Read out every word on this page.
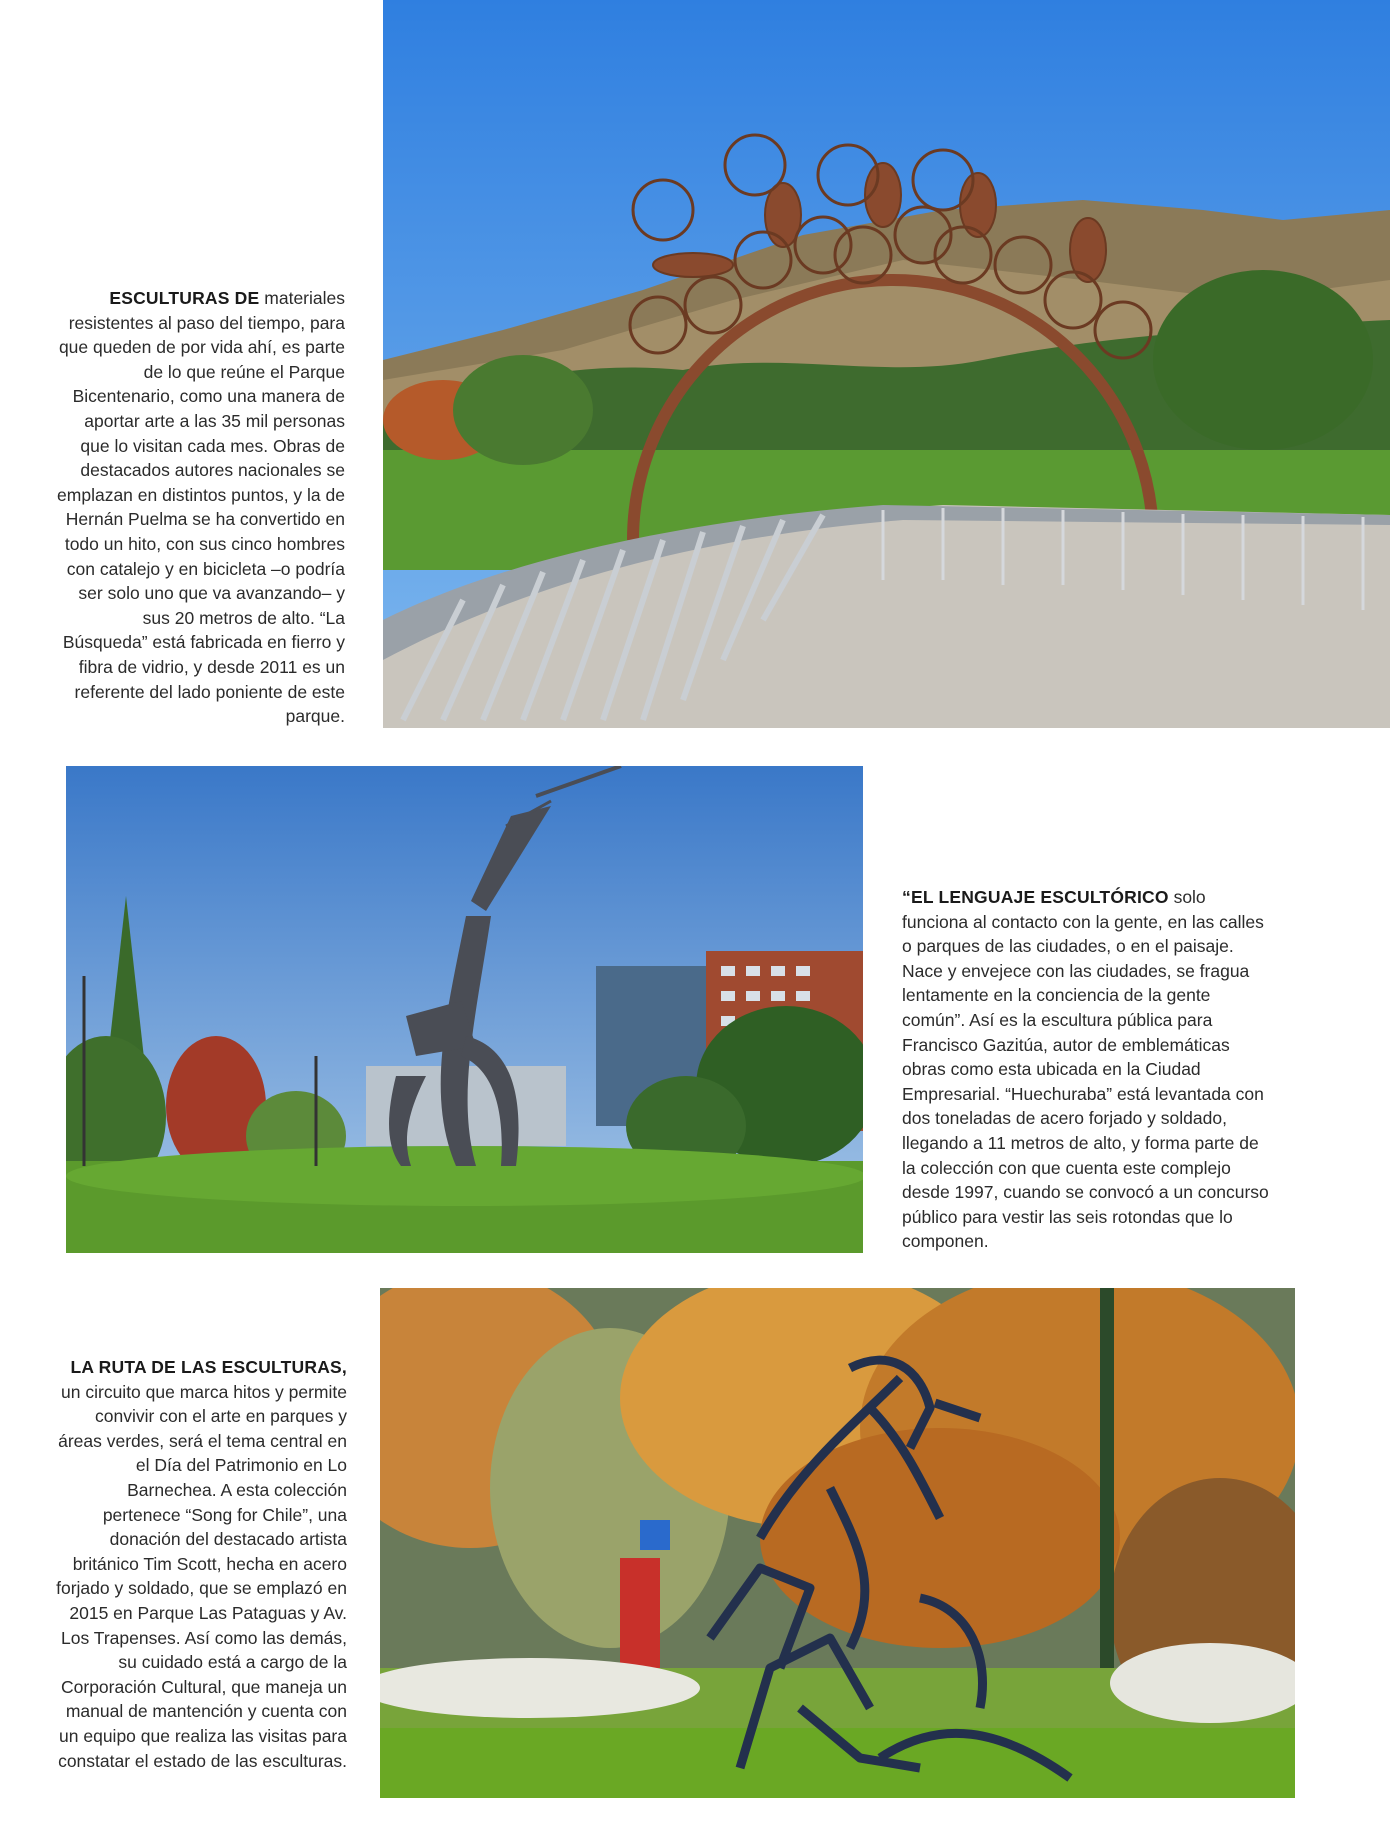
ESCULTURAS DE materiales resistentes al paso del tiempo, para que queden de por vida ahí, es parte de lo que reúne el Parque Bicentenario, como una manera de aportar arte a las 35 mil personas que lo visitan cada mes. Obras de destacados autores nacionales se emplazan en distintos puntos, y la de Hernán Puelma se ha convertido en todo un hito, con sus cinco hombres con catalejo y en bicicleta –o podría ser solo uno que va avanzando– y sus 20 metros de alto. “La Búsqueda” está fabricada en fierro y fibra de vidrio, y desde 2011 es un referente del lado poniente de este parque.

“EL LENGUAJE ESCULTÓRICO solo funciona al contacto con la gente, en las calles o parques de las ciudades, o en el paisaje. Nace y envejece con las ciudades, se fragua lentamente en la conciencia de la gente común”. Así es la escultura pública para Francisco Gazitúa, autor de emblemáticas obras como esta ubicada en la Ciudad Empresarial. “Huechuraba” está levantada con dos toneladas de acero forjado y soldado, llegando a 11 metros de alto, y forma parte de la colección con que cuenta este complejo desde 1997, cuando se convocó a un concurso público para vestir las seis rotondas que lo componen.

LA RUTA DE LAS ESCULTURAS, un circuito que marca hitos y permite convivir con el arte en parques y áreas verdes, será el tema central en el Día del Patrimonio en Lo Barnechea. A esta colección pertenece “Song for Chile”, una donación del destacado artista británico Tim Scott, hecha en acero forjado y soldado, que se emplazó en 2015 en Parque Las Pataguas y Av. Los Trapenses. Así como las demás, su cuidado está a cargo de la Corporación Cultural, que maneja un manual de mantención y cuenta con un equipo que realiza las visitas para constatar el estado de las esculturas.
